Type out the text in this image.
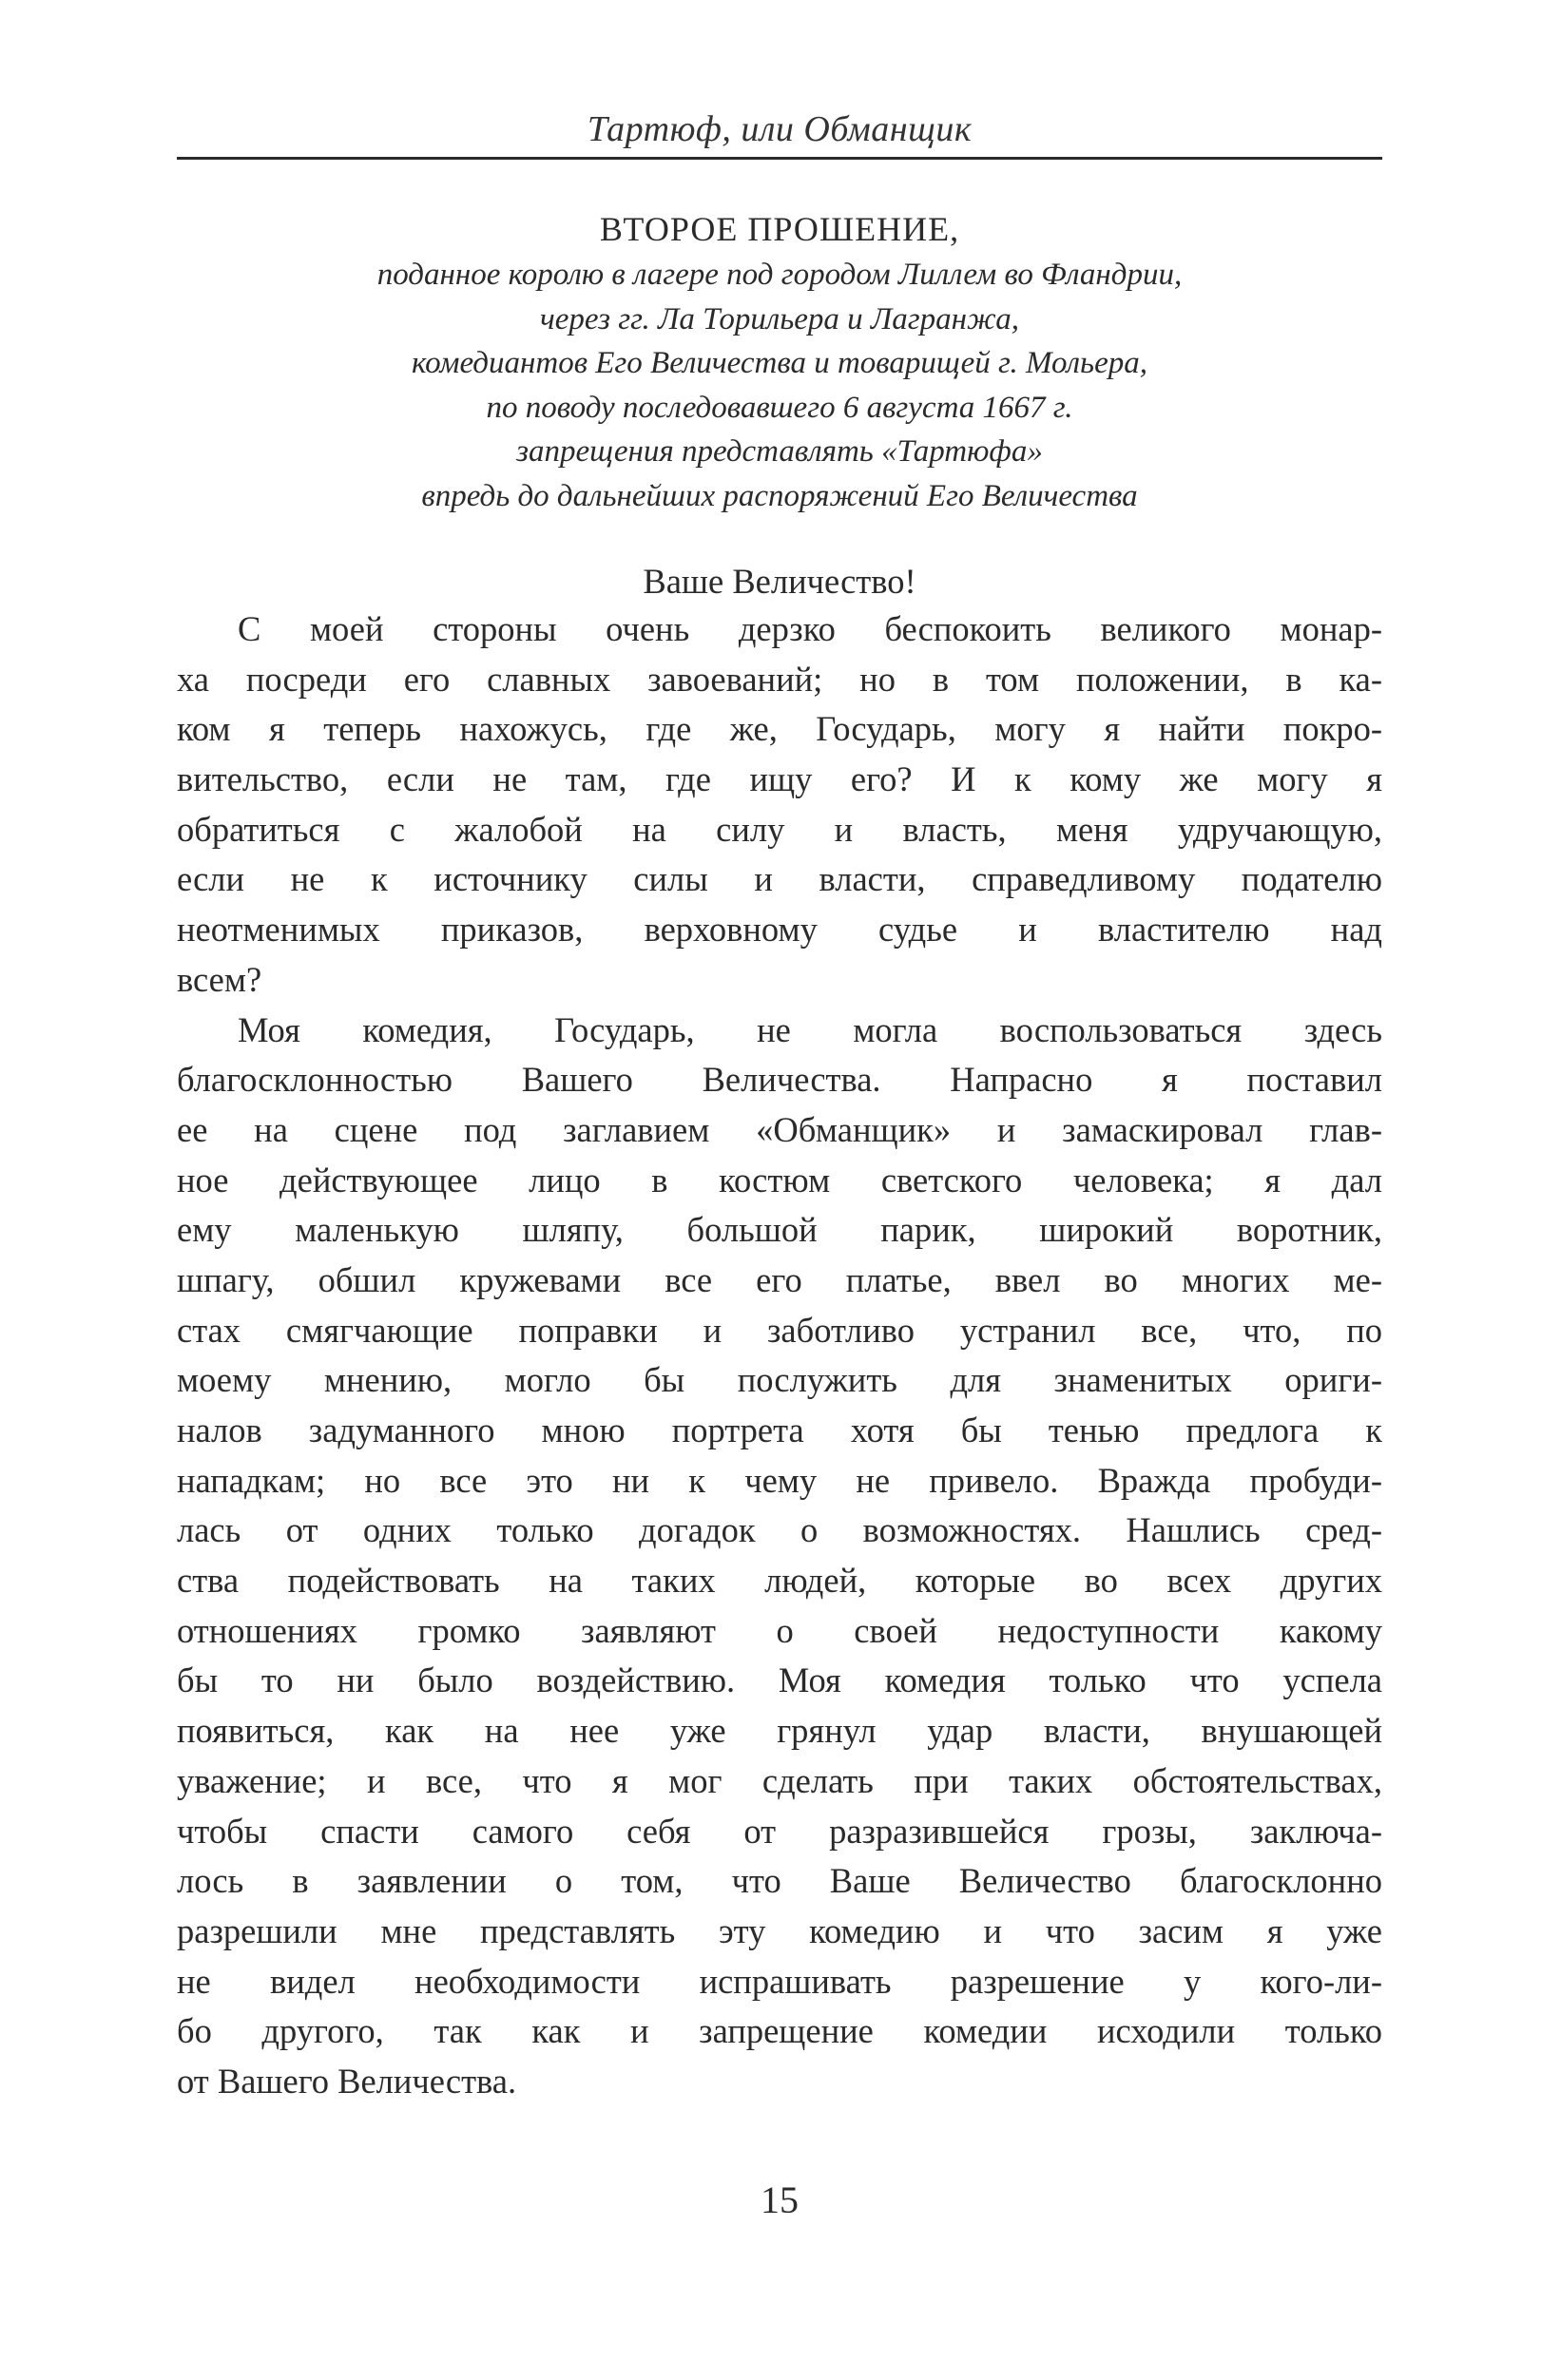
Тартюф, или Обманщик
ВТОРОЕ ПРОШЕНИЕ,
поданное королю в лагере под городом Лиллем во Фландрии,
через гг. Ла Торильера и Лагранжа,
комедиантов Его Величества и товарищей г. Мольера,
по поводу последовавшего 6 августа 1667 г.
запрещения представлять «Тартюфа»
впредь до дальнейших распоряжений Его Величества
Ваше Величество!
С моей стороны очень дерзко беспокоить великого монар-
ха посреди его славных завоеваний; но в том положении, в ка-
ком я теперь нахожусь, где же, Государь, могу я найти покро-
вительство, если не там, где ищу его? И к кому же могу я
обратиться с жалобой на силу и власть, меня удручающую,
если не к источнику силы и власти, справедливому подателю
неотменимых приказов, верховному судье и властителю над
всем?
Моя комедия, Государь, не могла воспользоваться здесь
благосклонностью Вашего Величества. Напрасно я поставил
ее на сцене под заглавием «Обманщик» и замаскировал глав-
ное действующее лицо в костюм светского человека; я дал
ему маленькую шляпу, большой парик, широкий воротник,
шпагу, обшил кружевами все его платье, ввел во многих ме-
стах смягчающие поправки и заботливо устранил все, что, по
моему мнению, могло бы послужить для знаменитых ориги-
налов задуманного мною портрета хотя бы тенью предлога к
нападкам; но все это ни к чему не привело. Вражда пробуди-
лась от одних только догадок о возможностях. Нашлись сред-
ства подействовать на таких людей, которые во всех других
отношениях громко заявляют о своей недоступности какому
бы то ни было воздействию. Моя комедия только что успела
появиться, как на нее уже грянул удар власти, внушающей
уважение; и все, что я мог сделать при таких обстоятельствах,
чтобы спасти самого себя от разразившейся грозы, заключа-
лось в заявлении о том, что Ваше Величество благосклонно
разрешили мне представлять эту комедию и что засим я уже
не видел необходимости испрашивать разрешение у кого-ли-
бо другого, так как и запрещение комедии исходили только
от Вашего Величества.
15
